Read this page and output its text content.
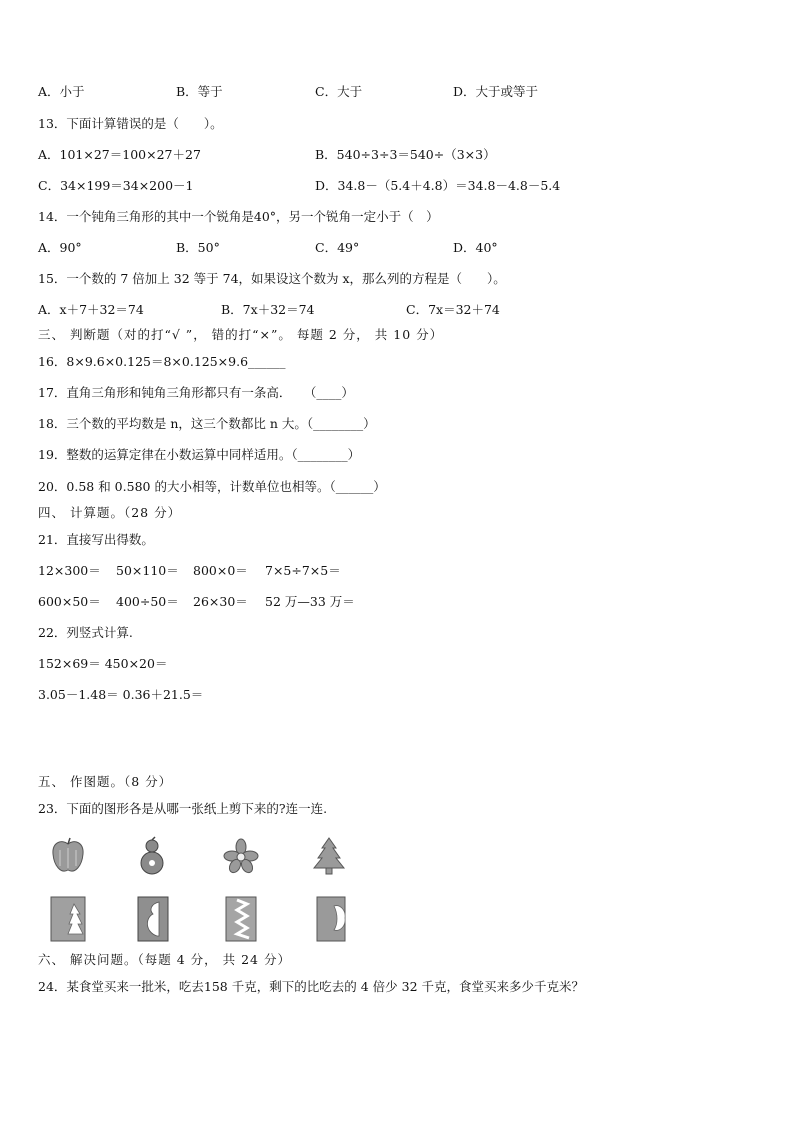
A．小于	B．等于	C．大于	D．大于或等于
13．下面计算错误的是（　　）。
A．101×27＝100×27＋27	B．540÷3÷3＝540÷（3×3）
C．34×199＝34×200－1	D．34.8－（5.4＋4.8）＝34.8－4.8－5.4
14．一个钝角三角形的其中一个锐角是40°，另一个锐角一定小于（　）
A．90°	B．50°	C．49°	D．40°
15．一个数的 7 倍加上 32 等于 74，如果设这个数为 x，那么列的方程是（　　）。
A．x＋7＋32＝74	B．7x＋32＝74	C．7x＝32＋74
三、 判断题（对的打“√ ”， 错的打“×”。 每题 2 分， 共 10 分）
16．8×9.6×0.125＝8×0.125×9.6______
17．直角三角形和钝角三角形都只有一条高．　　（____）
18．三个数的平均数是 n，这三个数都比 n 大。（________）
19．整数的运算定律在小数运算中同样适用。（________）
20．0.58 和 0.580 的大小相等，计数单位也相等。（______）
四、 计算题。（28 分）
21．直接写出得数。
12×300＝ 50×110＝ 800×0＝ 7×5÷7×5＝
600×50＝ 400÷50＝ 26×30＝ 52 万—33 万＝
22．列竖式计算.
152×69＝ 450×20＝
3.05－1.48＝ 0.36＋21.5＝
五、 作图题。（8 分）
23．下面的图形各是从哪一张纸上剪下来的?连一连.
六、 解决问题。（每题 4 分， 共 24 分）
24．某食堂买来一批米，吃去158 千克，剩下的比吃去的 4 倍少 32 千克，食堂买来多少千克米？
